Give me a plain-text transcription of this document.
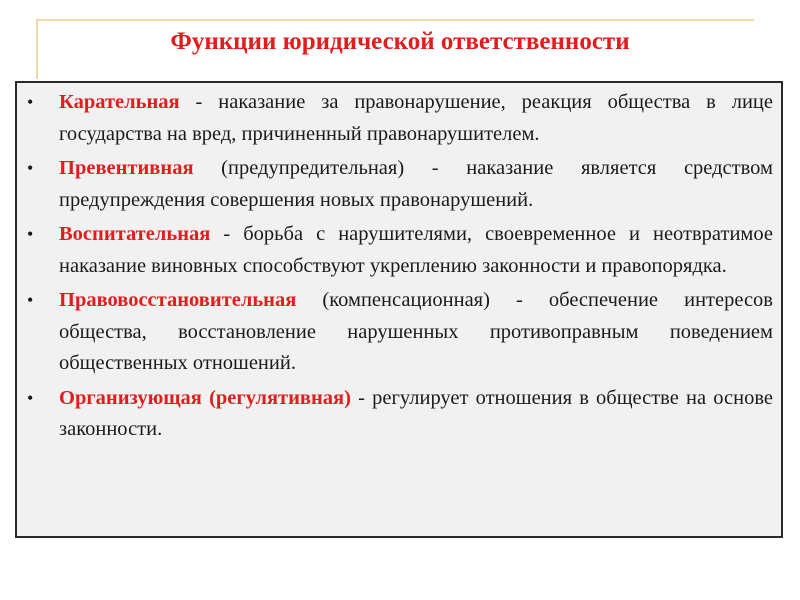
Функции юридической ответственности
• Карательная - наказание за правонарушение, реакция общества в лице государства на вред, причиненный правонарушителем.
• Превентивная (предупредительная) - наказание является средством предупреждения совершения новых правонарушений.
• Воспитательная - борьба с нарушителями, своевременное и неотвратимое наказание виновных способствуют укреплению законности и правопорядка.
• Правовосстановительная (компенсационная) - обеспечение интересов общества, восстановление нарушенных противоправным поведением общественных отношений.
• Организующая (регулятивная) - регулирует отношения в обществе на основе законности.
